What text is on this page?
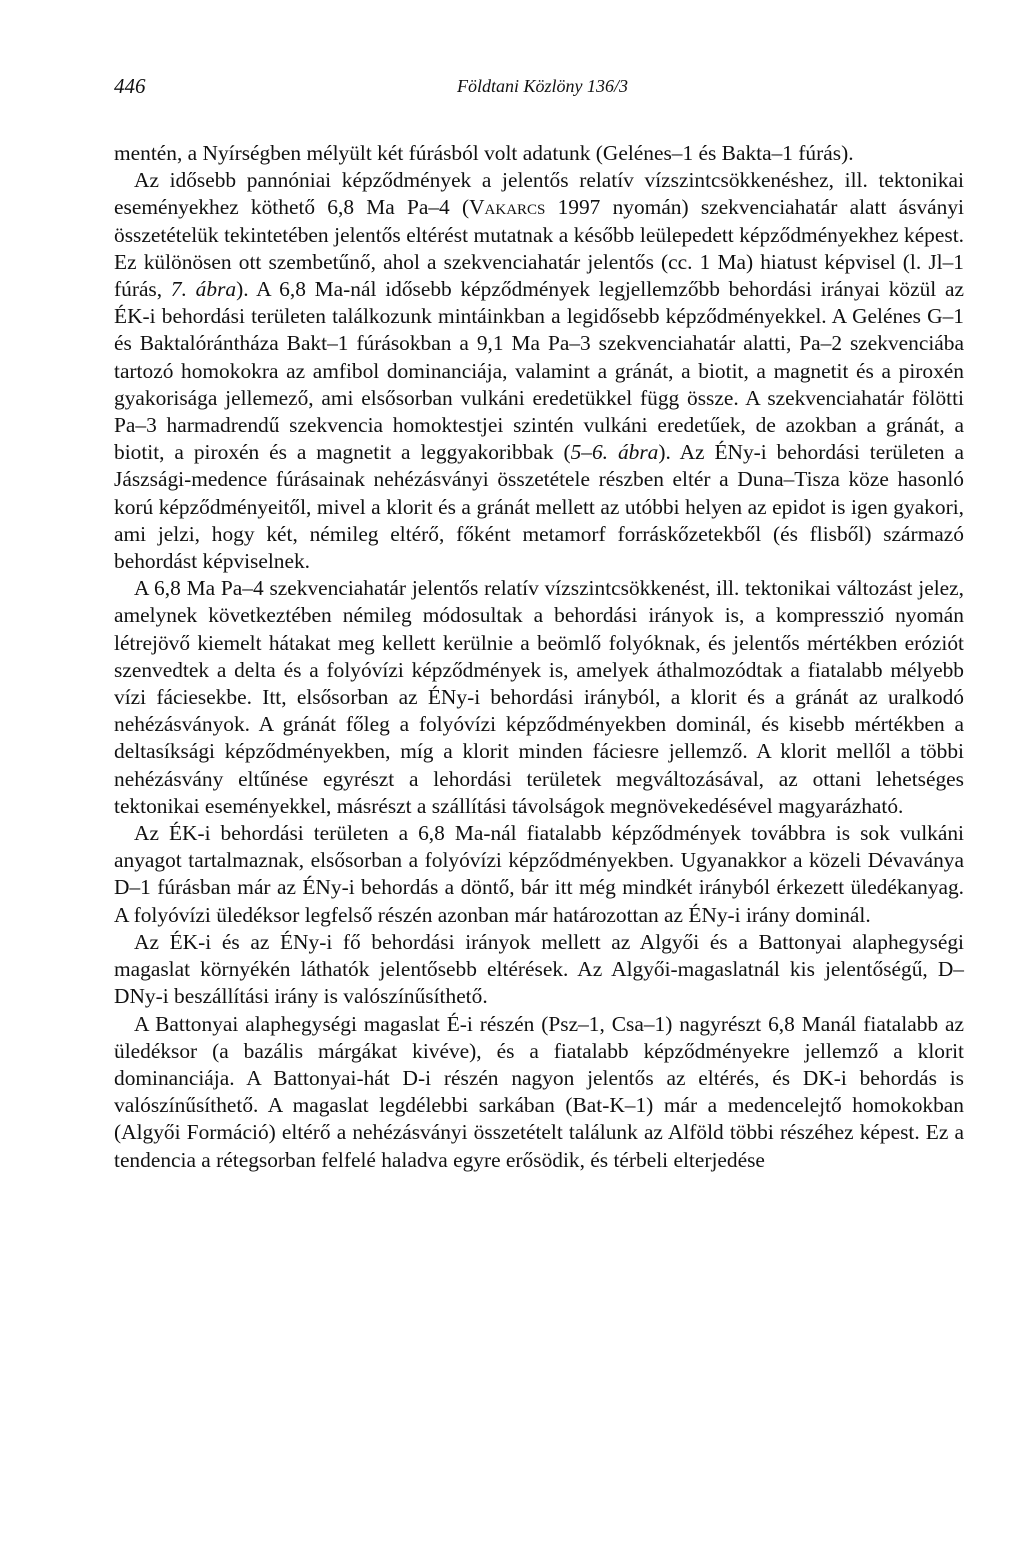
446	Földtani Közlöny 136/3

mentén, a Nyírségben mélyült két fúrásból volt adatunk (Gelénes–1 és Bakta–1 fúrás).

Az idősebb pannóniai képződmények a jelentős relatív vízszintcsökkenéshez, ill. tektonikai eseményekhez köthető 6,8 Ma Pa–4 (Vakarcs 1997 nyomán) szekvenciahatár alatt ásványi összetételük tekintetében jelentős eltérést mutatnak a később leülepedett képződményekhez képest. Ez különösen ott szembetűnő, ahol a szekvenciahatár jelentős (cc. 1 Ma) hiatust képvisel (l. Jl–1 fúrás, 7. ábra). A 6,8 Ma-nál idősebb képződmények legjellemzőbb behordási irányai közül az ÉK-i behordási területen találkozunk mintáinkban a legidősebb képződményekkel. A Gelénes G–1 és Baktalórántháza Bakt–1 fúrásokban a 9,1 Ma Pa–3 szekvenciahatár alatti, Pa–2 szekvenciába tartozó homokokra az amfibol dominanciája, valamint a gránát, a biotit, a magnetit és a piroxén gyakorisága jellemező, ami elsősorban vulkáni eredetükkel függ össze. A szekvenciahatár fölötti Pa–3 harmadrendű szekvencia homoktestjei szintén vulkáni eredetűek, de azokban a gránát, a biotit, a piroxén és a magnetit a leggyakoribbak (5–6. ábra). Az ÉNy-i behordási területen a Jászsági-medence fúrásainak nehézásványi összetétele részben eltér a Duna–Tisza köze hasonló korú képződményeitől, mivel a klorit és a gránát mellett az utóbbi helyen az epidot is igen gyakori, ami jelzi, hogy két, némileg eltérő, főként metamorf forráskőzetekből (és flisből) származó behordást képviselnek.

A 6,8 Ma Pa–4 szekvenciahatár jelentős relatív vízszintcsökkenést, ill. tektonikai változást jelez, amelynek következtében némileg módosultak a behordási irányok is, a kompresszió nyomán létrejövő kiemelt hátakat meg kellett kerülnie a beömlő folyóknak, és jelentős mértékben eróziót szenvedtek a delta és a folyóvízi képződmények is, amelyek áthalmozódtak a fiatalabb mélyebb vízi fáciesekbe. Itt, elsősorban az ÉNy-i behordási irányból, a klorit és a gránát az uralkodó nehézásványok. A gránát főleg a folyóvízi képződményekben dominál, és kisebb mértékben a deltasíksági képződményekben, míg a klorit minden fáciesre jellemző. A klorit mellől a többi nehézásvány eltűnése egyrészt a lehordási területek megváltozásával, az ottani lehetséges tektonikai eseményekkel, másrészt a szállítási távolságok megnövekedésével magyarázható.

Az ÉK-i behordási területen a 6,8 Ma-nál fiatalabb képződmények továbbra is sok vulkáni anyagot tartalmaznak, elsősorban a folyóvízi képződményekben. Ugyanakkor a közeli Dévaványa D–1 fúrásban már az ÉNy-i behordás a döntő, bár itt még mindkét irányból érkezett üledékanyag. A folyóvízi üledéksor legfelső részén azonban már határozottan az ÉNy-i irány dominál.

Az ÉK-i és az ÉNy-i fő behordási irányok mellett az Algyői és a Battonyai alaphegységi magaslat környékén láthatók jelentősebb eltérések. Az Algyői-magaslatnál kis jelentőségű, D–DNy-i beszállítási irány is valószínűsíthető.

A Battonyai alaphegységi magaslat É-i részén (Psz–1, Csa–1) nagyrészt 6,8 Manál fiatalabb az üledéksor (a bazális márgákat kivéve), és a fiatalabb képződményekre jellemző a klorit dominanciája. A Battonyai-hát D-i részén nagyon jelentős az eltérés, és DK-i behordás is valószínűsíthető. A magaslat legdélebbi sarkában (Bat-K–1) már a medencelejtő homokokban (Algyői Formáció) eltérő a nehézásványi összetételt találunk az Alföld többi részéhez képest. Ez a tendencia a rétegsorban felfelé haladva egyre erősödik, és térbeli elterjedése
